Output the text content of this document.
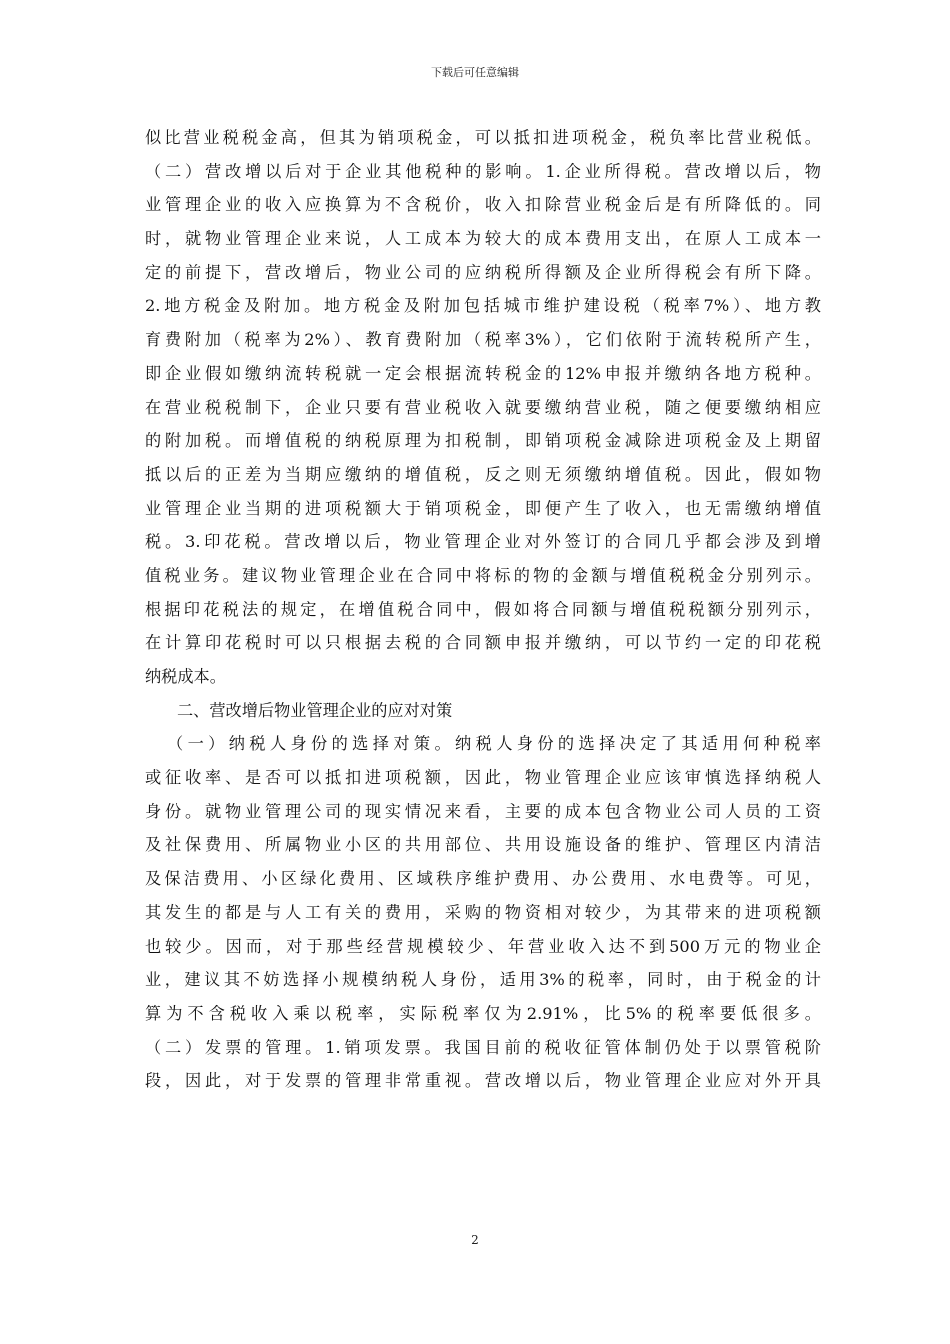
下载后可任意编辑
似比营业税税金高，但其为销项税金，可以抵扣进项税金，税负率比营业税低。
（二）营改增以后对于企业其他税种的影响。1.企业所得税。营改增以后，物
业管理企业的收入应换算为不含税价，收入扣除营业税金后是有所降低的。同
时，就物业管理企业来说，人工成本为较大的成本费用支出，在原人工成本一
定的前提下，营改增后，物业公司的应纳税所得额及企业所得税会有所下降。
2.地方税金及附加。地方税金及附加包括城市维护建设税（税率7%）、地方教
育费附加（税率为2%）、教育费附加（税率3%），它们依附于流转税所产生，
即企业假如缴纳流转税就一定会根据流转税金的12%申报并缴纳各地方税种。
在营业税税制下，企业只要有营业税收入就要缴纳营业税，随之便要缴纳相应
的附加税。而增值税的纳税原理为扣税制，即销项税金减除进项税金及上期留
抵以后的正差为当期应缴纳的增值税，反之则无须缴纳增值税。因此，假如物
业管理企业当期的进项税额大于销项税金，即便产生了收入，也无需缴纳增值
税。3.印花税。营改增以后，物业管理企业对外签订的合同几乎都会涉及到增
值税业务。建议物业管理企业在合同中将标的物的金额与增值税税金分别列示。
根据印花税法的规定，在增值税合同中，假如将合同额与增值税税额分别列示，
在计算印花税时可以只根据去税的合同额申报并缴纳，可以节约一定的印花税
纳税成本。
二、营改增后物业管理企业的应对对策
（一）纳税人身份的选择对策。纳税人身份的选择决定了其适用何种税率
或征收率、是否可以抵扣进项税额，因此，物业管理企业应该审慎选择纳税人
身份。就物业管理公司的现实情况来看，主要的成本包含物业公司人员的工资
及社保费用、所属物业小区的共用部位、共用设施设备的维护、管理区内清洁
及保洁费用、小区绿化费用、区域秩序维护费用、办公费用、水电费等。可见，
其发生的都是与人工有关的费用，采购的物资相对较少，为其带来的进项税额
也较少。因而，对于那些经营规模较少、年营业收入达不到500万元的物业企
业，建议其不妨选择小规模纳税人身份，适用3%的税率，同时，由于税金的计
算为不含税收入乘以税率，实际税率仅为2.91%，比5%的税率要低很多。
（二）发票的管理。1.销项发票。我国目前的税收征管体制仍处于以票管税阶
段，因此，对于发票的管理非常重视。营改增以后，物业管理企业应对外开具
2
